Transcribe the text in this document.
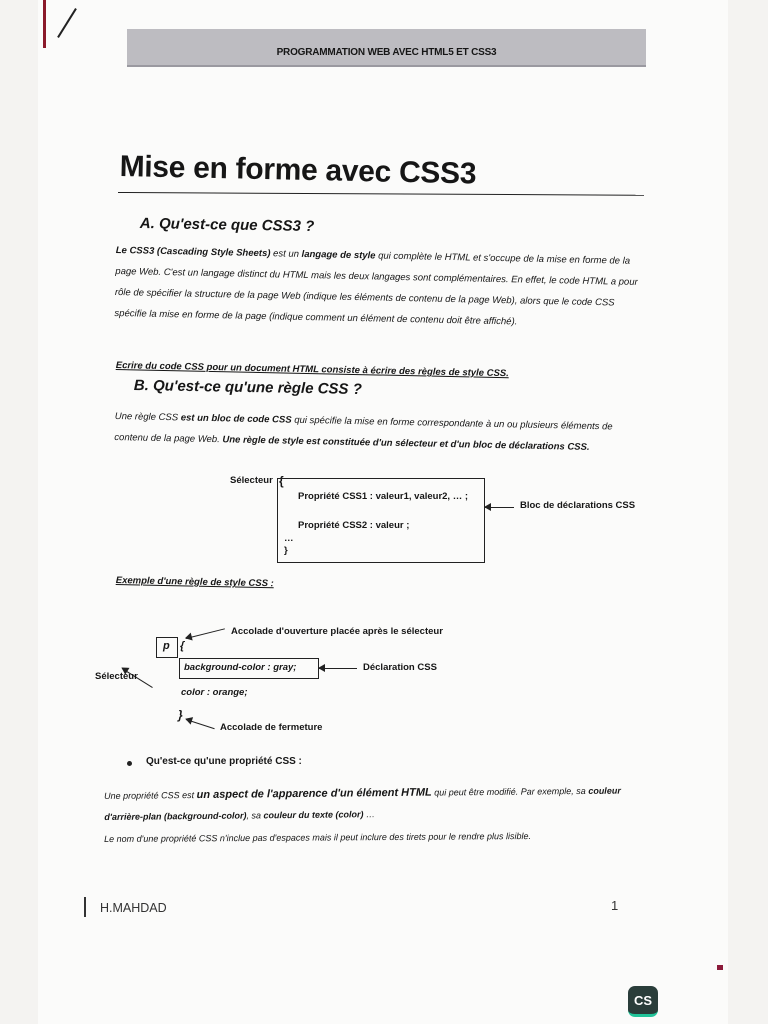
PROGRAMMATION WEB AVEC HTML5 ET CSS3
Mise en forme avec CSS3
A. Qu'est-ce que CSS3 ?

Le CSS3 (Cascading Style Sheets) est un langage de style qui complète le HTML et s'occupe de la mise en forme de la page Web. C'est un langage distinct du HTML mais les deux langages sont complémentaires. En effet, le code HTML a pour rôle de spécifier la structure de la page Web (indique les éléments de contenu de la page Web), alors que le code CSS spécifie la mise en forme de la page (indique comment un élément de contenu doit être affiché).

Ecrire du code CSS pour un document HTML consiste à écrire des règles de style CSS.

B. Qu'est-ce qu'une règle CSS ?

Une règle CSS est un bloc de code CSS qui spécifie la mise en forme correspondante à un ou plusieurs éléments de contenu de la page Web. Une règle de style est constituée d'un sélecteur et d'un bloc de déclarations CSS.

Sélecteur {
Propriété CSS1 : valeur1, valeur2, … ;
Propriété CSS2 : valeur ;
…
}
Bloc de déclarations CSS

Exemple d'une règle de style CSS :

p {
Accolade d'ouverture placée après le sélecteur
Sélecteur
background-color : gray;	Déclaration CSS
color : orange;
}
Accolade de fermeture
Qu'est-ce qu'une propriété CSS :

Une propriété CSS est un aspect de l'apparence d'un élément HTML qui peut être modifié. Par exemple, sa couleur d'arrière-plan (background-color), sa couleur du texte (color) …

Le nom d'une propriété CSS n'inclue pas d'espaces mais il peut inclure des tirets pour le rendre plus lisible.

H.MAHDAD	1
CS
